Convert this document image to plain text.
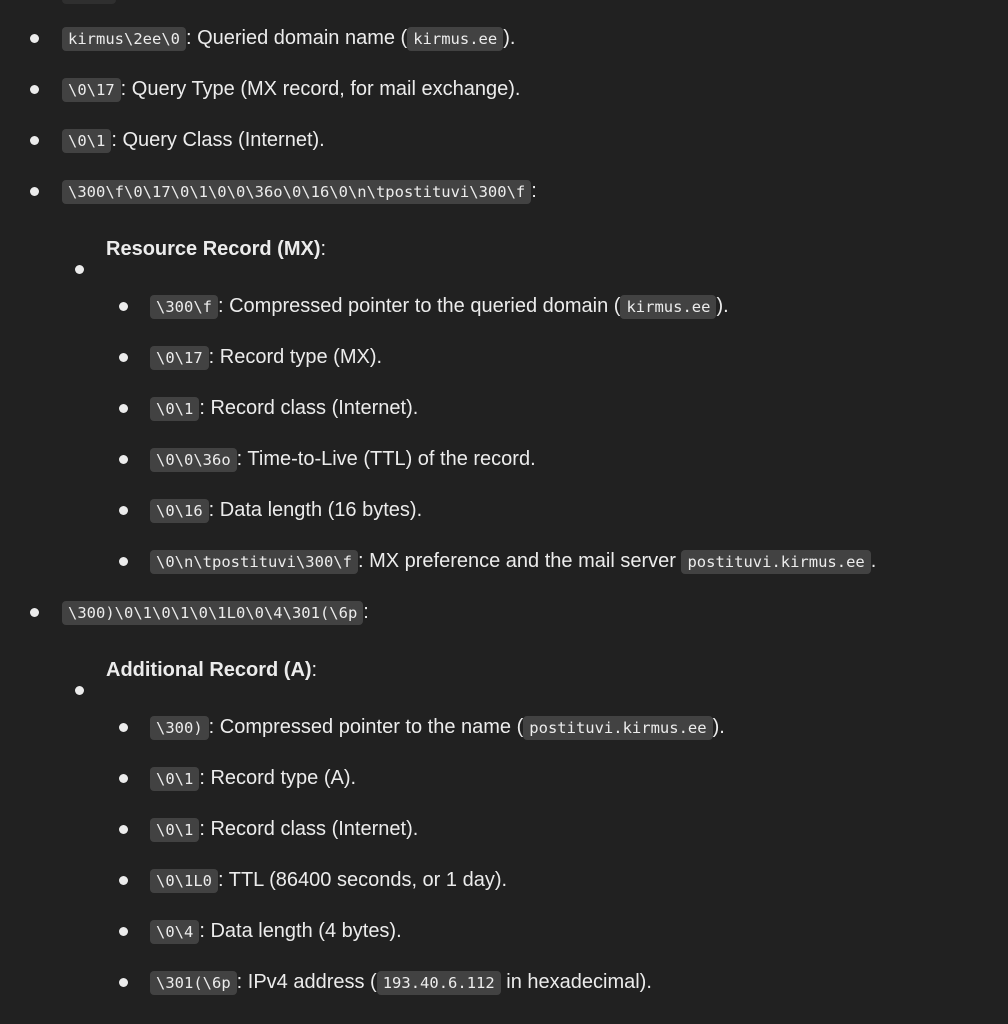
kirmus\2ee\0 : Queried domain name ( kirmus.ee ).
\0\17 : Query Type (MX record, for mail exchange).
\0\1 : Query Class (Internet).
\300\f\0\17\0\1\0\0\36o\0\16\0\n\tpostituvi\300\f :
Resource Record (MX):
\300\f : Compressed pointer to the queried domain ( kirmus.ee ).
\0\17 : Record type (MX).
\0\1 : Record class (Internet).
\0\0\36o : Time-to-Live (TTL) of the record.
\0\16 : Data length (16 bytes).
\0\n\tpostituvi\300\f : MX preference and the mail server postituvi.kirmus.ee .
\300)\0\1\0\1\0\1L0\0\4\301(\6p :
Additional Record (A):
\300) : Compressed pointer to the name ( postituvi.kirmus.ee ).
\0\1 : Record type (A).
\0\1 : Record class (Internet).
\0\1L0 : TTL (86400 seconds, or 1 day).
\0\4 : Data length (4 bytes).
\301(\6p : IPv4 address ( 193.40.6.112 in hexadecimal).
